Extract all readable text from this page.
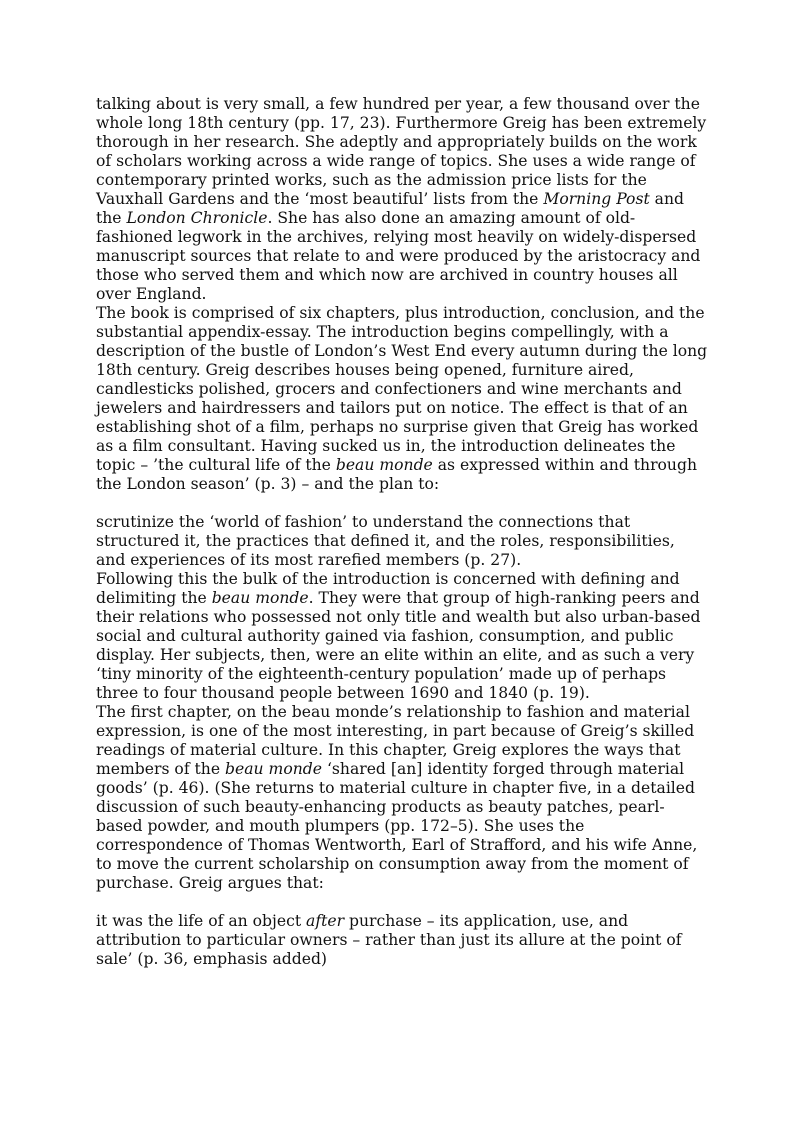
talking about is very small, a few hundred per year, a few thousand over the whole long 18th century (pp. 17, 23). Furthermore Greig has been extremely thorough in her research. She adeptly and appropriately builds on the work of scholars working across a wide range of topics. She uses a wide range of contemporary printed works, such as the admission price lists for the Vauxhall Gardens and the ‘most beautiful’ lists from the Morning Post and the London Chronicle. She has also done an amazing amount of old-fashioned legwork in the archives, relying most heavily on widely-dispersed manuscript sources that relate to and were produced by the aristocracy and those who served them and which now are archived in country houses all over England.

The book is comprised of six chapters, plus introduction, conclusion, and the substantial appendix-essay. The introduction begins compellingly, with a description of the bustle of London’s West End every autumn during the long 18th century. Greig describes houses being opened, furniture aired, candlesticks polished, grocers and confectioners and wine merchants and jewelers and hairdressers and tailors put on notice. The effect is that of an establishing shot of a film, perhaps no surprise given that Greig has worked as a film consultant. Having sucked us in, the introduction delineates the topic – ’the cultural life of the beau monde as expressed within and through the London season’ (p. 3) – and the plan to:

scrutinize the ‘world of fashion’ to understand the connections that structured it, the practices that defined it, and the roles, responsibilities, and experiences of its most rarefied members (p. 27).

Following this the bulk of the introduction is concerned with defining and delimiting the beau monde. They were that group of high-ranking peers and their relations who possessed not only title and wealth but also urban-based social and cultural authority gained via fashion, consumption, and public display. Her subjects, then, were an elite within an elite, and as such a very ‘tiny minority of the eighteenth-century population’ made up of perhaps three to four thousand people between 1690 and 1840 (p. 19).

The first chapter, on the beau monde’s relationship to fashion and material expression, is one of the most interesting, in part because of Greig’s skilled readings of material culture. In this chapter, Greig explores the ways that members of the beau monde ‘shared [an] identity forged through material goods’ (p. 46). (She returns to material culture in chapter five, in a detailed discussion of such beauty-enhancing products as beauty patches, pearl-based powder, and mouth plumpers (pp. 172–5). She uses the correspondence of Thomas Wentworth, Earl of Strafford, and his wife Anne, to move the current scholarship on consumption away from the moment of purchase. Greig argues that:

it was the life of an object after purchase – its application, use, and attribution to particular owners – rather than just its allure at the point of sale’ (p. 36, emphasis added)
